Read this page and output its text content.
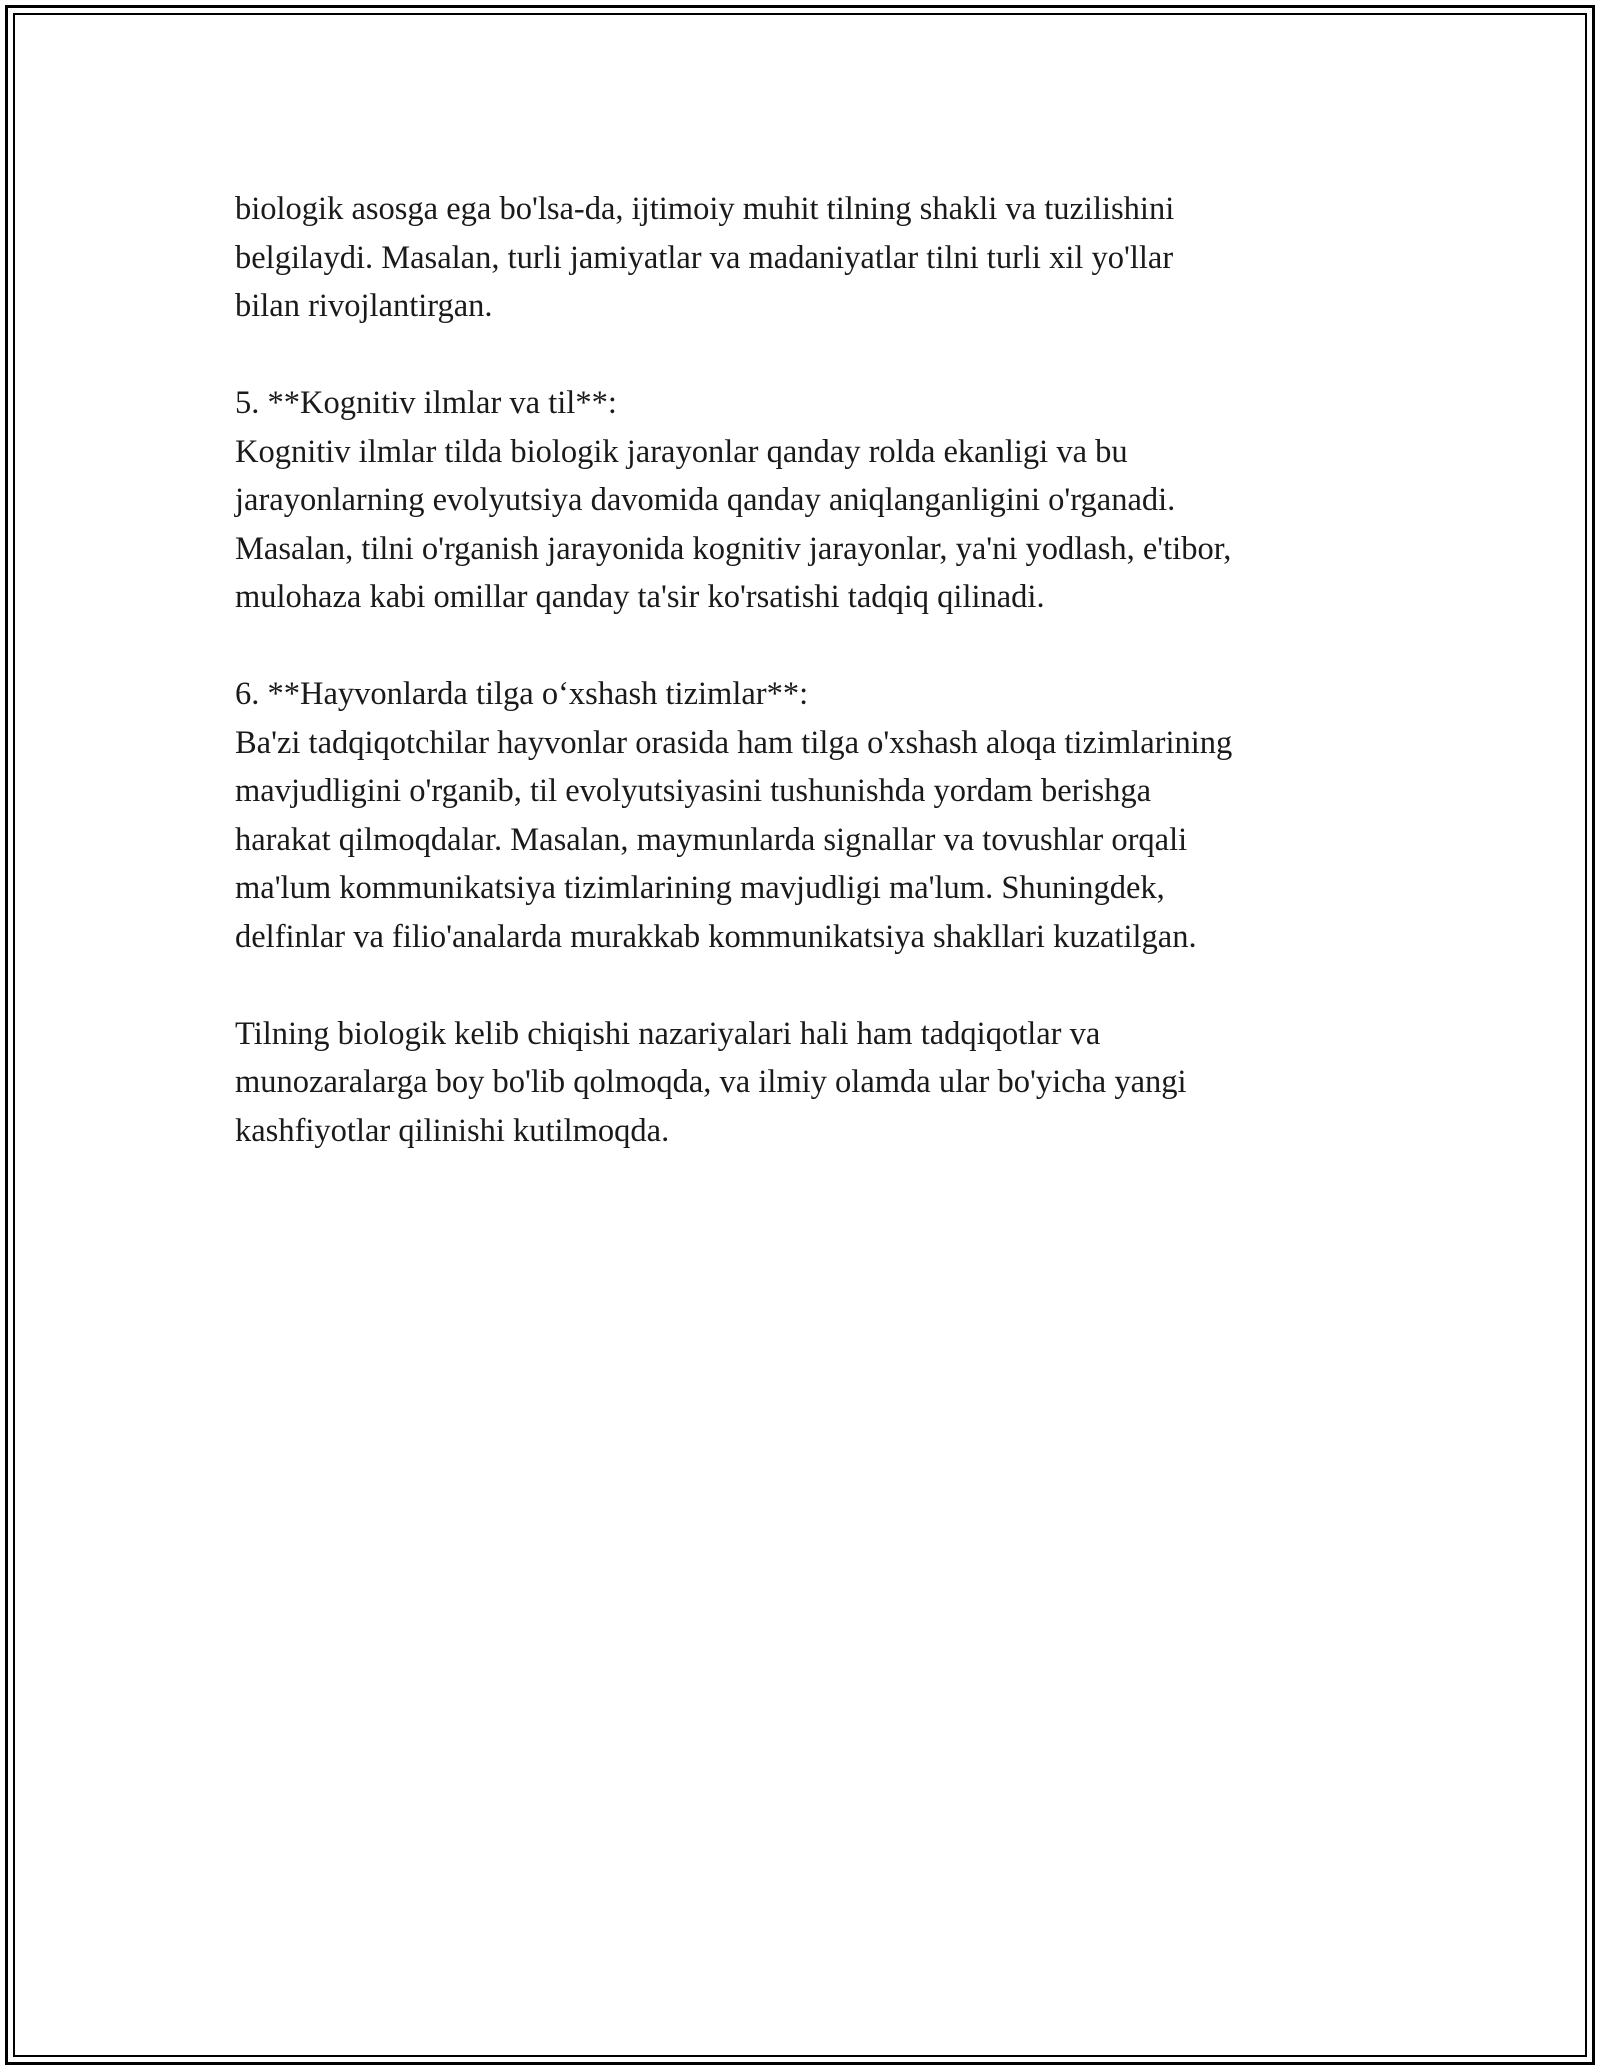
biologik asosga ega bo'lsa-da, ijtimoiy muhit tilning shakli va tuzilishini
belgilaydi. Masalan, turli jamiyatlar va madaniyatlar tilni turli xil yo'llar
bilan rivojlantirgan.
5. **Kognitiv ilmlar va til**:
Kognitiv ilmlar tilda biologik jarayonlar qanday rolda ekanligi va bu
jarayonlarning evolyutsiya davomida qanday aniqlanganligini o'rganadi.
Masalan, tilni o'rganish jarayonida kognitiv jarayonlar, ya'ni yodlash, e'tibor,
mulohaza kabi omillar qanday ta'sir ko'rsatishi tadqiq qilinadi.
6. **Hayvonlarda tilga o‘xshash tizimlar**:
Ba'zi tadqiqotchilar hayvonlar orasida ham tilga o'xshash aloqa tizimlarining
mavjudligini o'rganib, til evolyutsiyasini tushunishda yordam berishga
harakat qilmoqdalar. Masalan, maymunlarda signallar va tovushlar orqali
ma'lum kommunikatsiya tizimlarining mavjudligi ma'lum. Shuningdek,
delfinlar va filio'analarda murakkab kommunikatsiya shakllari kuzatilgan.
Tilning biologik kelib chiqishi nazariyalari hali ham tadqiqotlar va
munozaralarga boy bo'lib qolmoqda, va ilmiy olamda ular bo'yicha yangi
kashfiyotlar qilinishi kutilmoqda.
